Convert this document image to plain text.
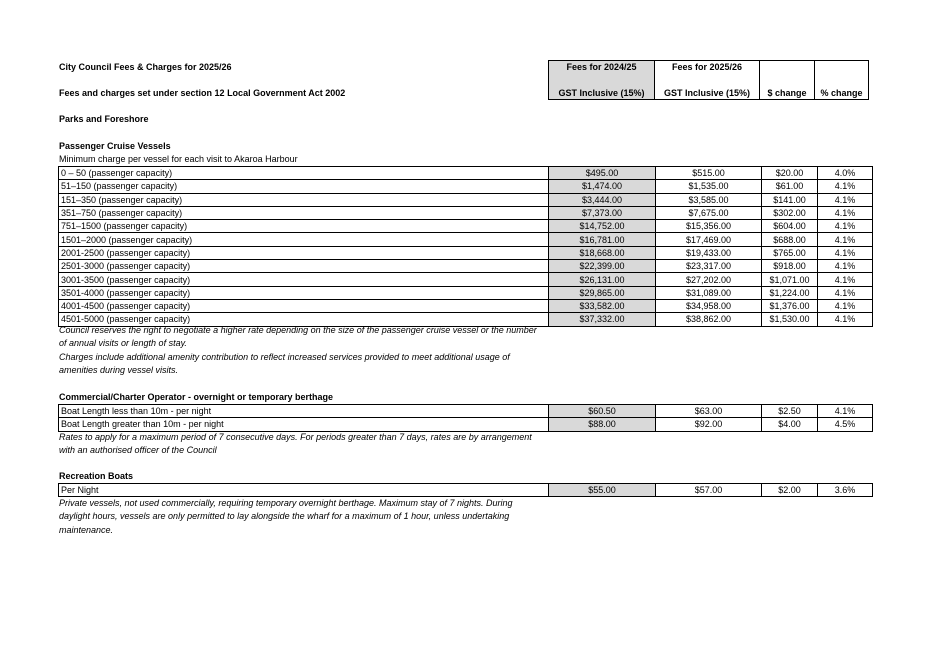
City Council Fees & Charges for 2025/26
Fees and charges set under section 12 Local Government Act 2002
Parks and Foreshore
Fees for 2024/25	Fees for 2025/26
GST Inclusive (15%)	GST Inclusive (15%)	$ change	% change
Passenger Cruise Vessels
Minimum charge per vessel for each visit to Akaroa Harbour
0 – 50 (passenger capacity)	$495.00	$515.00	$20.00	4.0%
51–150 (passenger capacity)	$1,474.00	$1,535.00	$61.00	4.1%
151–350 (passenger capacity)	$3,444.00	$3,585.00	$141.00	4.1%
351–750 (passenger capacity)	$7,373.00	$7,675.00	$302.00	4.1%
751–1500 (passenger capacity)	$14,752.00	$15,356.00	$604.00	4.1%
1501–2000 (passenger capacity)	$16,781.00	$17,469.00	$688.00	4.1%
2001-2500 (passenger capacity)	$18,668.00	$19,433.00	$765.00	4.1%
2501-3000 (passenger capacity)	$22,399.00	$23,317.00	$918.00	4.1%
3001-3500 (passenger capacity)	$26,131.00	$27,202.00	$1,071.00	4.1%
3501-4000 (passenger capacity)	$29,865.00	$31,089.00	$1,224.00	4.1%
4001-4500 (passenger capacity)	$33,582.00	$34,958.00	$1,376.00	4.1%
4501-5000 (passenger capacity)	$37,332.00	$38,862.00	$1,530.00	4.1%
Council reserves the right to negotiate a higher rate depending on the size of the passenger cruise vessel or the number
of annual visits or length of stay.
Charges include additional amenity contribution to reflect increased services provided to meet additional usage of
amenities during vessel visits.
Commercial/Charter Operator - overnight or temporary berthage
Boat Length less than 10m - per night	$60.50	$63.00	$2.50	4.1%
Boat Length greater than 10m - per night	$88.00	$92.00	$4.00	4.5%
Rates to apply for a maximum period of 7 consecutive days. For periods greater than 7 days, rates are by arrangement
with an authorised officer of the Council
Recreation Boats
Per Night	$55.00	$57.00	$2.00	3.6%
Private vessels, not used commercially, requiring temporary overnight berthage. Maximum stay of 7 nights. During
daylight hours, vessels are only permitted to lay alongside the wharf for a maximum of 1 hour, unless undertaking
maintenance.
